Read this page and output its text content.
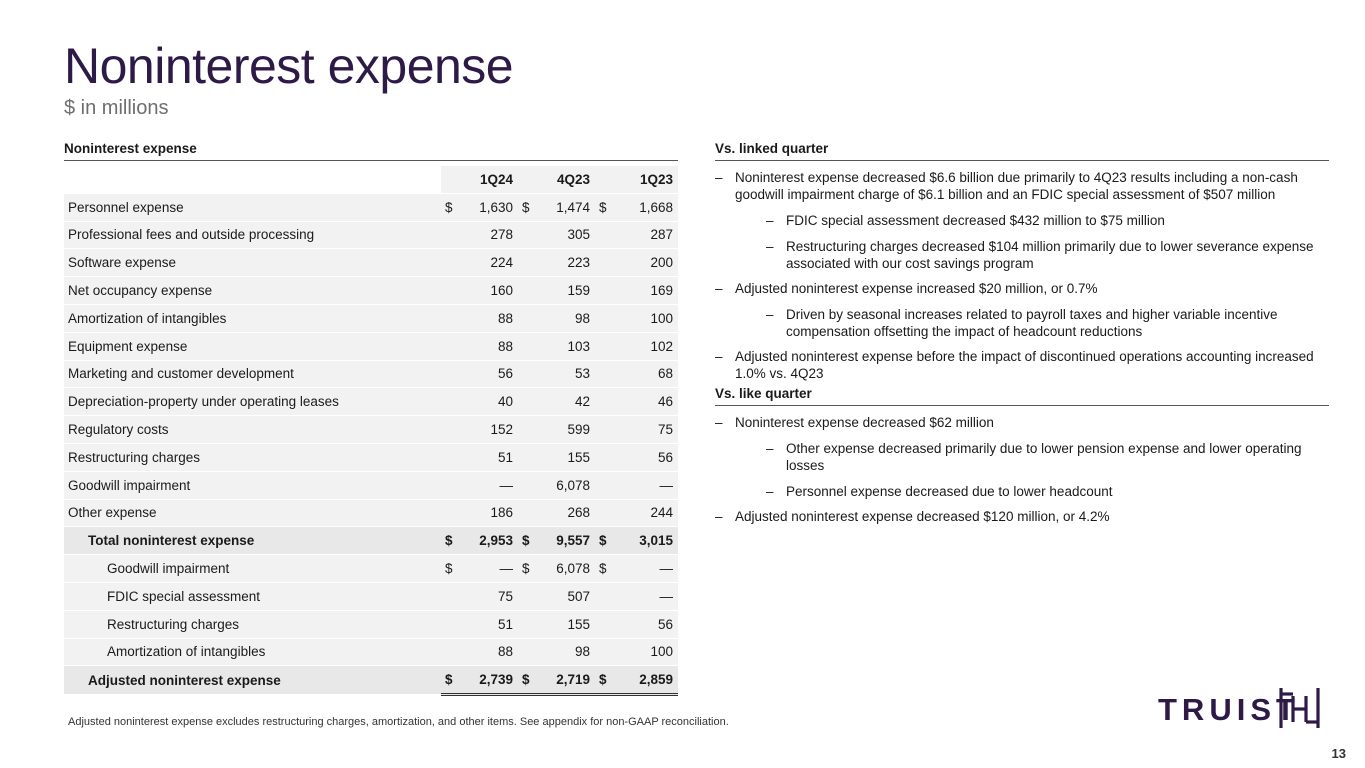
Noninterest expense
$ in millions
Noninterest expense
		1Q24		4Q23		1Q23
Personnel expense	$	1,630	$	1,474	$	1,668
Professional fees and outside processing		278		305		287
Software expense		224		223		200
Net occupancy expense		160		159		169
Amortization of intangibles		88		98		100
Equipment expense		88		103		102
Marketing and customer development		56		53		68
Depreciation-property under operating leases		40		42		46
Regulatory costs		152		599		75
Restructuring charges		51		155		56
Goodwill impairment		—		6,078		—
Other expense		186		268		244
Total noninterest expense	$	2,953	$	9,557	$	3,015
Goodwill impairment	$	—	$	6,078	$	—
FDIC special assessment		75		507		—
Restructuring charges		51		155		56
Amortization of intangibles		88		98		100
Adjusted noninterest expense	$	2,739	$	2,719	$	2,859
Vs. linked quarter
– Noninterest expense decreased $6.6 billion due primarily to 4Q23 results including a non-cash goodwill impairment charge of $6.1 billion and an FDIC special assessment of $507 million
– FDIC special assessment decreased $432 million to $75 million
– Restructuring charges decreased $104 million primarily due to lower severance expense associated with our cost savings program
– Adjusted noninterest expense increased $20 million, or 0.7%
– Driven by seasonal increases related to payroll taxes and higher variable incentive compensation offsetting the impact of headcount reductions
– Adjusted noninterest expense before the impact of discontinued operations accounting increased 1.0% vs. 4Q23
Vs. like quarter
– Noninterest expense decreased $62 million
– Other expense decreased primarily due to lower pension expense and lower operating losses
– Personnel expense decreased due to lower headcount
– Adjusted noninterest expense decreased $120 million, or 4.2%
Adjusted noninterest expense excludes restructuring charges, amortization, and other items. See appendix for non-GAAP reconciliation.	TRUIST
13
